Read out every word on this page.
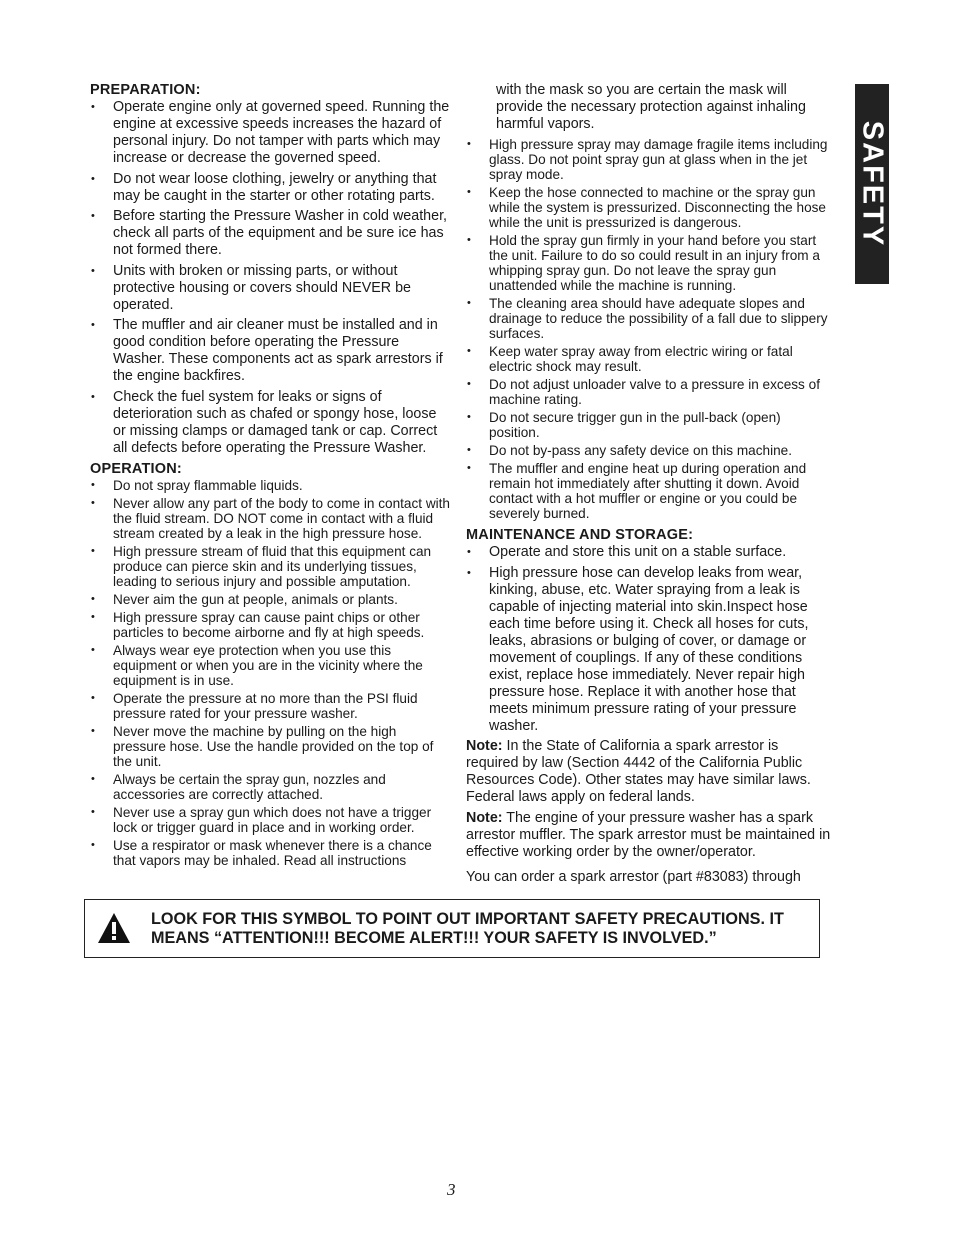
PREPARATION:
• Operate engine only at governed speed. Running the engine at excessive speeds increases the hazard of personal injury. Do not tamper with parts which may increase or decrease the governed speed.
• Do not wear loose clothing, jewelry or anything that may be caught in the starter or other rotating parts.
• Before starting the Pressure Washer in cold weather, check all parts of the equipment and be sure ice has not formed there.
• Units with broken or missing parts, or without protective housing or covers should NEVER be operated.
• The muffler and air cleaner must be installed and in good condition before operating the Pressure Washer. These components act as spark arrestors if the engine backfires.
• Check the fuel system for leaks or signs of deterioration such as chafed or spongy hose, loose or missing clamps or damaged tank or cap. Correct all defects before operating the Pressure Washer.
OPERATION:
• Do not spray flammable liquids.
• Never allow any part of the body to come in contact with the fluid stream. DO NOT come in contact with a fluid stream created by a leak in the high pressure hose.
• High pressure stream of fluid that this equipment can produce can pierce skin and its underlying tissues, leading to serious injury and possible amputation.
• Never aim the gun at people, animals or plants.
• High pressure spray can cause paint chips or other particles to become airborne and fly at high speeds.
• Always wear eye protection when you use this equipment or when you are in the vicinity where the equipment is in use.
• Operate the pressure at no more than the PSI fluid pressure rated for your pressure washer.
• Never move the machine by pulling on the high pressure hose. Use the handle provided on the top of the unit.
• Always be certain the spray gun, nozzles and accessories are correctly attached.
• Never use a spray gun which does not have a trigger lock or trigger guard in place and in working order.
• Use a respirator or mask whenever there is a chance that vapors may be inhaled. Read all instructions

with the mask so you are certain the mask will provide the necessary protection against inhaling harmful vapors.

• High pressure spray may damage fragile items including glass. Do not point spray gun at glass when in the jet spray mode.
• Keep the hose connected to machine or the spray gun while the system is pressurized. Disconnecting the hose while the unit is pressurized is dangerous.
• Hold the spray gun firmly in your hand before you start the unit. Failure to do so could result in an injury from a whipping spray gun. Do not leave the spray gun unattended while the machine is running.
• The cleaning area should have adequate slopes and drainage to reduce the possibility of a fall due to slippery surfaces.
• Keep water spray away from electric wiring or fatal electric shock may result.
• Do not adjust unloader valve to a pressure in excess of machine rating.
• Do not secure trigger gun in the pull-back (open) position.
• Do not by-pass any safety device on this machine.
• The muffler and engine heat up during operation and remain hot immediately after shutting it down. Avoid contact with a hot muffler or engine or you could be severely burned.
MAINTENANCE AND STORAGE:
• Operate and store this unit on a stable surface.
• High pressure hose can develop leaks from wear, kinking, abuse, etc. Water spraying from a leak is capable of injecting material into skin.Inspect hose each time before using it. Check all hoses for cuts, leaks, abrasions or bulging of cover, or damage or movement of couplings. If any of these conditions exist, replace hose immediately. Never repair high pressure hose. Replace it with another hose that meets minimum pressure rating of your pressure washer.

Note: In the State of California a spark arrestor is required by law (Section 4442 of the California Public Resources Code). Other states may have similar laws. Federal laws apply on federal lands.

Note: The engine of your pressure washer has a spark arrestor muffler. The spark arrestor must be maintained in effective working order by the owner/operator.

You can order a spark arrestor (part #83083) through

SAFETY
LOOK FOR THIS SYMBOL TO POINT OUT IMPORTANT SAFETY PRECAUTIONS. IT MEANS “ATTENTION!!! BECOME ALERT!!! YOUR SAFETY IS INVOLVED.”
3
